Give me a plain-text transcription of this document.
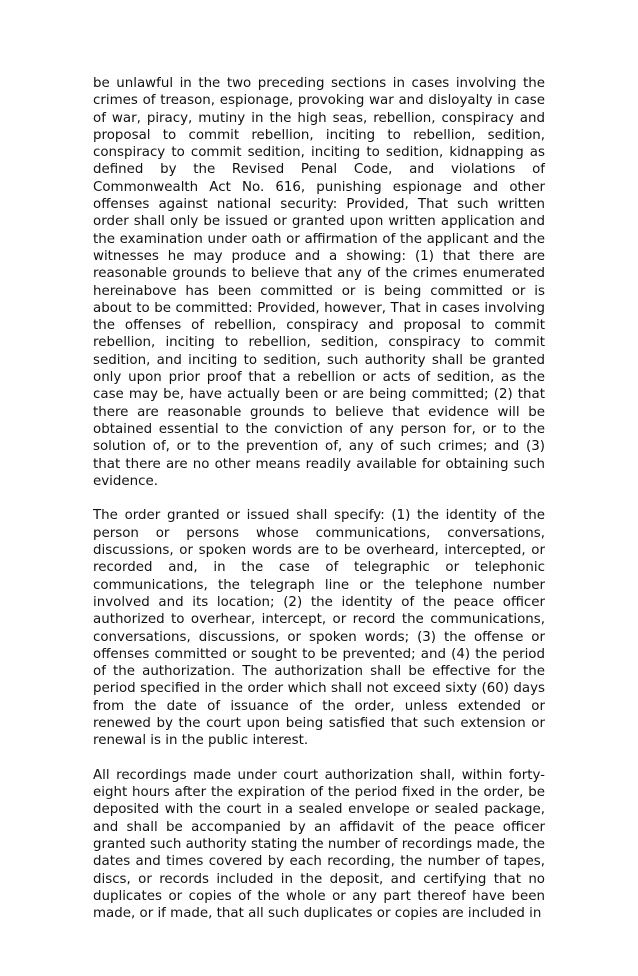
be unlawful in the two preceding sections in cases involving the crimes of treason, espionage, provoking war and disloyalty in case of war, piracy, mutiny in the high seas, rebellion, conspiracy and proposal to commit rebellion, inciting to rebellion, sedition, conspiracy to commit sedition, inciting to sedition, kidnapping as defined by the Revised Penal Code, and violations of Commonwealth Act No. 616, punishing espionage and other offenses against national security: Provided, That such written order shall only be issued or granted upon written application and the examination under oath or affirmation of the applicant and the witnesses he may produce and a showing: (1) that there are reasonable grounds to believe that any of the crimes enumerated hereinabove has been committed or is being committed or is about to be committed: Provided, however, That in cases involving the offenses of rebellion, conspiracy and proposal to commit rebellion, inciting to rebellion, sedition, conspiracy to commit sedition, and inciting to sedition, such authority shall be granted only upon prior proof that a rebellion or acts of sedition, as the case may be, have actually been or are being committed; (2) that there are reasonable grounds to believe that evidence will be obtained essential to the conviction of any person for, or to the solution of, or to the prevention of, any of such crimes; and (3) that there are no other means readily available for obtaining such evidence.

The order granted or issued shall specify: (1) the identity of the person or persons whose communications, conversations, discussions, or spoken words are to be overheard, intercepted, or recorded and, in the case of telegraphic or telephonic communications, the telegraph line or the telephone number involved and its location; (2) the identity of the peace officer authorized to overhear, intercept, or record the communications, conversations, discussions, or spoken words; (3) the offense or offenses committed or sought to be prevented; and (4) the period of the authorization. The authorization shall be effective for the period specified in the order which shall not exceed sixty (60) days from the date of issuance of the order, unless extended or renewed by the court upon being satisfied that such extension or renewal is in the public interest.

All recordings made under court authorization shall, within forty-eight hours after the expiration of the period fixed in the order, be deposited with the court in a sealed envelope or sealed package, and shall be accompanied by an affidavit of the peace officer granted such authority stating the number of recordings made, the dates and times covered by each recording, the number of tapes, discs, or records included in the deposit, and certifying that no duplicates or copies of the whole or any part thereof have been made, or if made, that all such duplicates or copies are included in
